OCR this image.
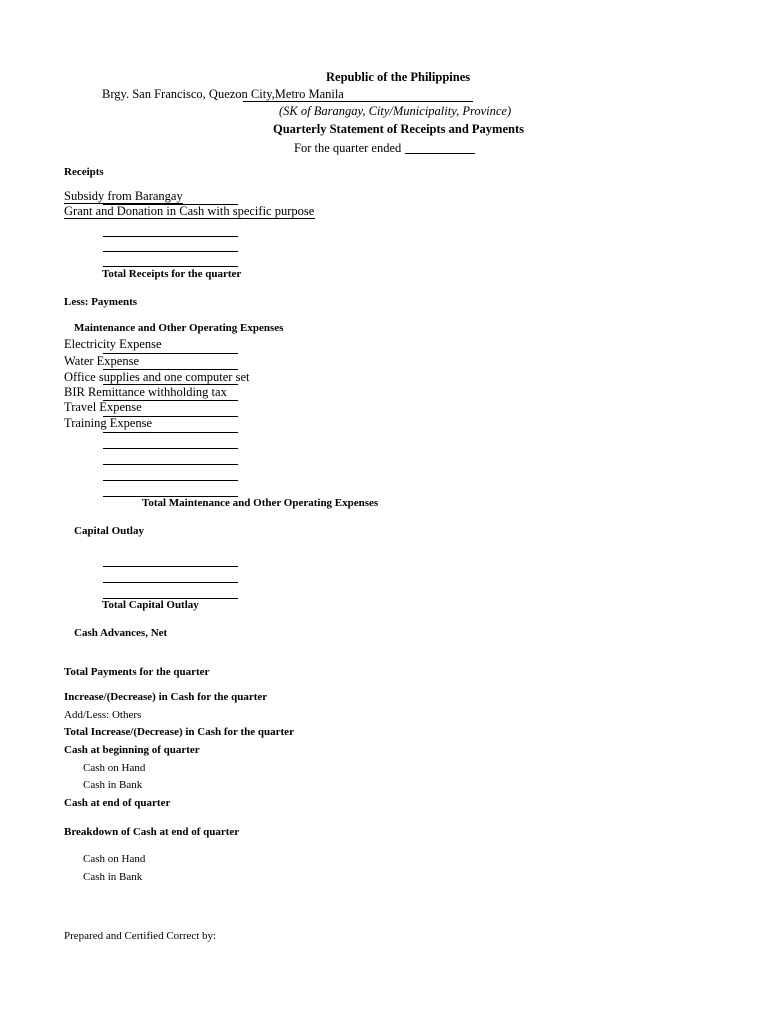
Republic of the Philippines
Brgy. San Francisco, Quezon City,Metro Manila
(SK of Barangay, City/Municipality, Province)
Quarterly Statement of Receipts and Payments
For the quarter ended
Receipts
Subsidy from Barangay
Grant and Donation in Cash with specific purpose
Total Receipts for the quarter
Less: Payments
Maintenance and Other Operating Expenses
Electricity Expense
Water Expense
Office supplies and one computer set
BIR Remittance withholding tax
Travel Expense
Training Expense
Total Maintenance and Other Operating Expenses
Capital Outlay
Total Capital Outlay
Cash Advances, Net
Total Payments for the quarter
Increase/(Decrease) in Cash for the quarter
Add/Less: Others
Total Increase/(Decrease) in Cash for the quarter
Cash at beginning of quarter
Cash on Hand
Cash in Bank
Cash at end of quarter
Breakdown of Cash at end of quarter
Cash on Hand
Cash in Bank
Prepared and Certified Correct by:
